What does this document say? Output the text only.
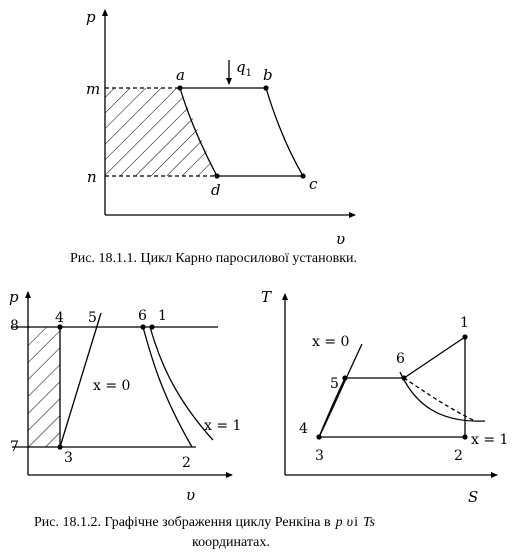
p
υ
m
n
a	b
c
d
$q_1$
Рис. 18.1.1. Цикл Карно паросилової установки.
p
υ
8
7
4 5	6 1
3	2
x = 0
x = 1
T
S
1
6
5
4
3	2
x = 0
x = 1
Рис. 18.1.2. Графічне зображення циклу Ренкіна в p υі Ts
координатах.
